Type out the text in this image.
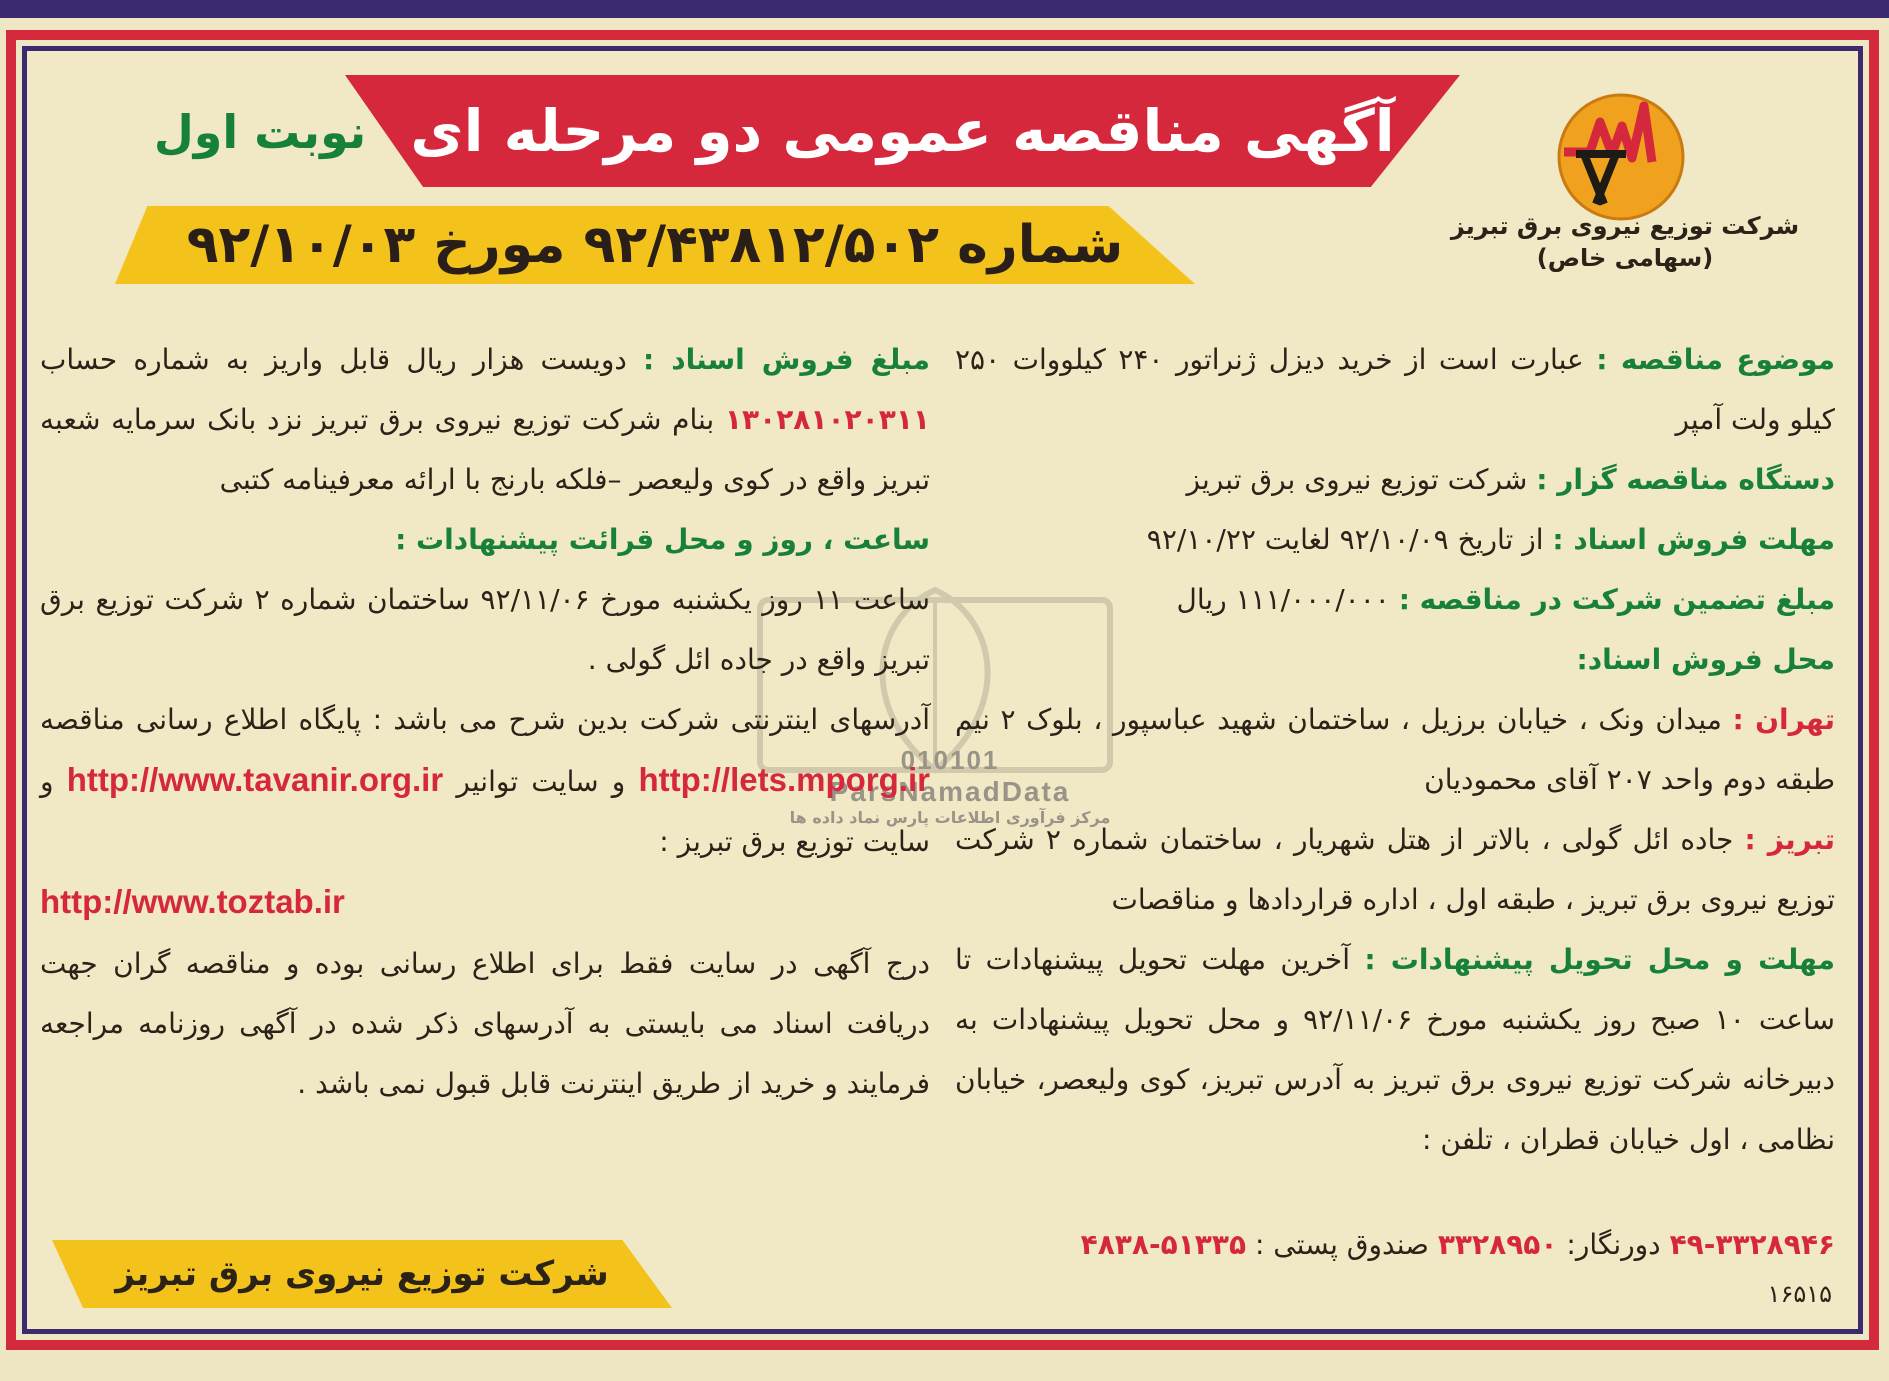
آگهی مناقصه عمومی دو مرحله ای
نوبت اول
شماره ۹۲/۴۳۸۱۲/۵۰۲ مورخ ۹۲/۱۰/۰۳	شرکت توزیع نیروی برق تبریز
(سهامی خاص)
010101
ParsNamadData
مرکز فرآوری اطلاعات پارس نماد داده ها

موضوع مناقصه : عبارت است از خرید دیزل ژنراتور ۲۴۰ کیلووات ۲۵۰ کیلو ولت آمپر

دستگاه مناقصه گزار : شرکت توزیع نیروی برق تبریز

مهلت فروش اسناد : از تاریخ ۹۲/۱۰/۰۹ لغایت ۹۲/۱۰/۲۲

مبلغ تضمین شرکت در مناقصه : ۱۱۱/۰۰۰/۰۰۰ ریال

محل فروش اسناد:

تهران : میدان ونک ، خیابان برزیل ، ساختمان شهید عباسپور ، بلوک ۲ نیم طبقه دوم واحد ۲۰۷ آقای محمودیان

تبریز : جاده ائل گولی ، بالاتر از هتل شهریار ، ساختمان شماره ۲ شرکت توزیع نیروی برق تبریز ، طبقه اول ، اداره قراردادها و مناقصات

مهلت و محل تحویل پیشنهادات : آخرین مهلت تحویل پیشنهادات تا ساعت ۱۰ صبح روز یکشنبه مورخ ۹۲/۱۱/۰۶ و محل تحویل پیشنهادات به دبیرخانه شرکت توزیع نیروی برق تبریز به آدرس تبریز، کوی ولیعصر، خیابان نظامی ، اول خیابان قطران ، تلفن :

۴۹-۳۳۲۸۹۴۶ دورنگار: ۳۳۲۸۹۵۰ صندوق پستی : ۵۱۳۳۵-۴۸۳۸
۱۶۵۱۵

مبلغ فروش اسناد : دویست هزار ریال قابل واریز به شماره حساب ۱۳۰۲۸۱۰۲۰۳۱۱ بنام شرکت توزیع نیروی برق تبریز نزد بانک سرمایه شعبه تبریز واقع در کوی ولیعصر –فلکه بارنج با ارائه معرفینامه کتبی

ساعت ، روز و محل قرائت پیشنهادات :

ساعت ۱۱ روز یکشنبه مورخ ۹۲/۱۱/۰۶ ساختمان شماره ۲ شرکت توزیع برق تبریز واقع در جاده ائل گولی .

آدرسهای اینترنتی شرکت بدین شرح می باشد : پایگاه اطلاع رسانی مناقصه http://lets.mporg.ir و سایت توانیر http://www.tavanir.org.ir و سایت توزیع برق تبریز :

http://www.toztab.ir

درج آگهی در سایت فقط برای اطلاع رسانی بوده و مناقصه گران جهت دریافت اسناد می بایستی به آدرسهای ذکر شده در آگهی روزنامه مراجعه فرمایند و خرید از طریق اینترنت قابل قبول نمی باشد .

شرکت توزیع نیروی برق تبریز
